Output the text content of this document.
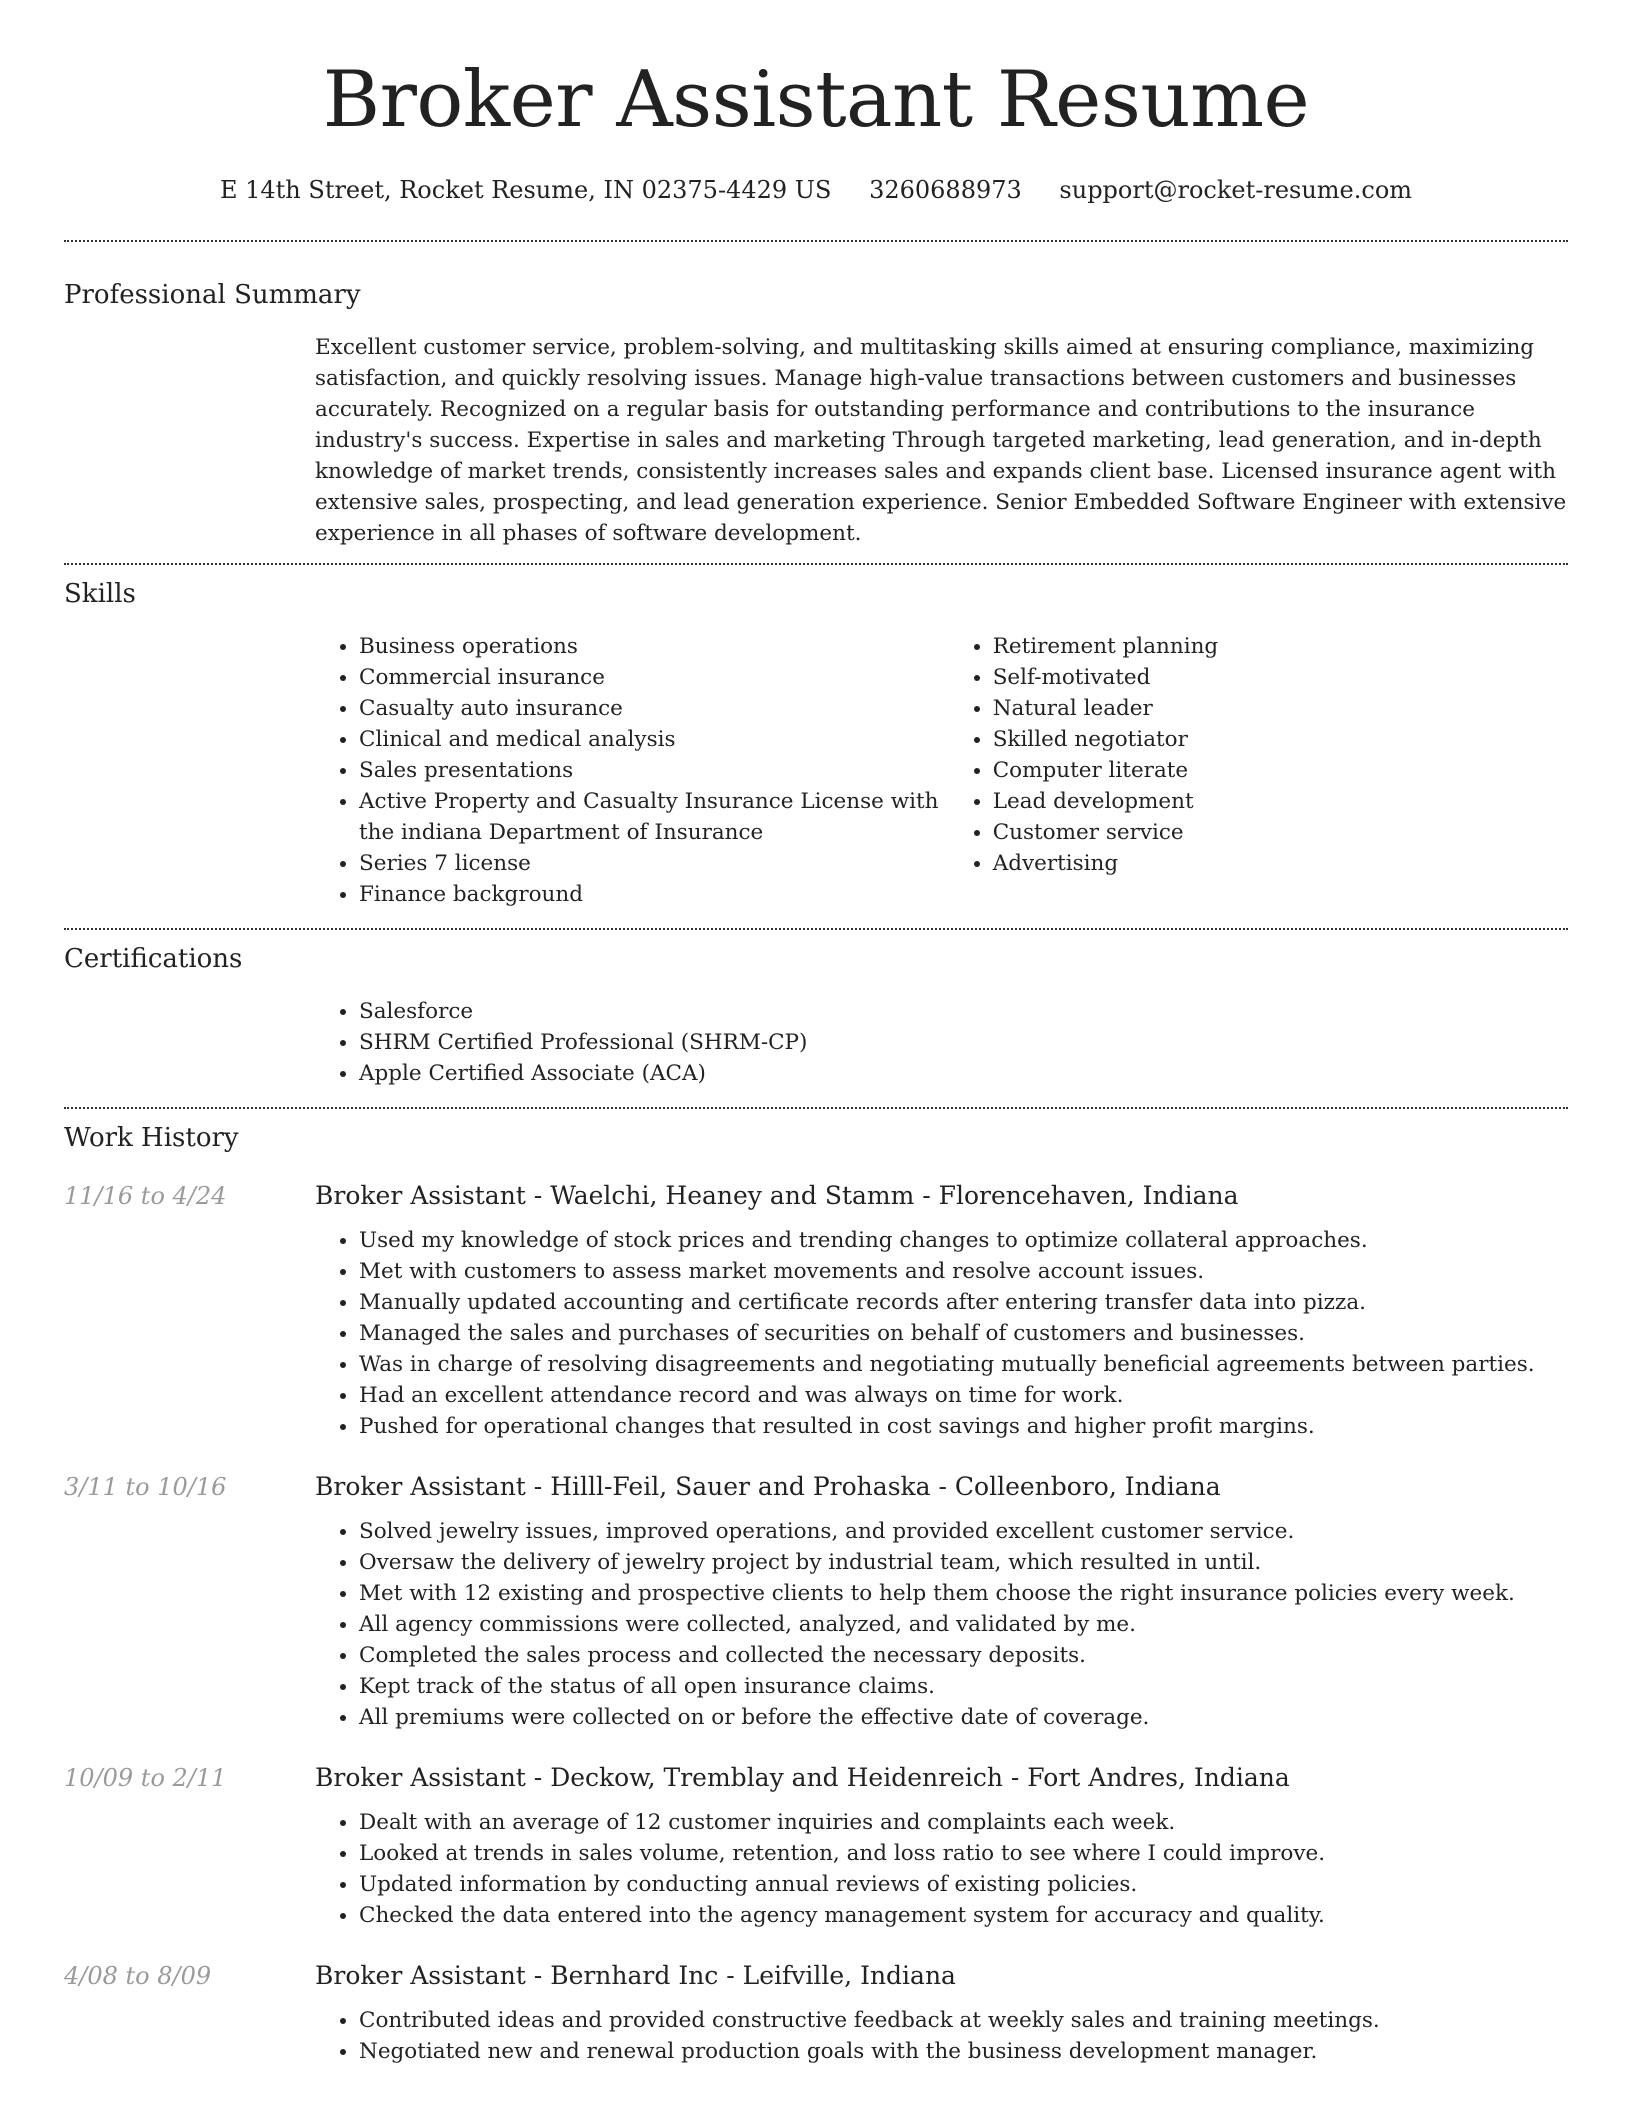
Broker Assistant Resume
E 14th Street, Rocket Resume, IN 02375-4429 US 3260688973 support@rocket-resume.com
Professional Summary

Excellent customer service, problem-solving, and multitasking skills aimed at ensuring compliance, maximizing satisfaction, and quickly resolving issues. Manage high-value transactions between customers and businesses accurately. Recognized on a regular basis for outstanding performance and contributions to the insurance industry's success. Expertise in sales and marketing Through targeted marketing, lead generation, and in-depth knowledge of market trends, consistently increases sales and expands client base. Licensed insurance agent with extensive sales, prospecting, and lead generation experience. Senior Embedded Software Engineer with extensive experience in all phases of software development.

Skills
• Business operations
• Commercial insurance
• Casualty auto insurance
• Clinical and medical analysis
• Sales presentations
• Active Property and Casualty Insurance License with the indiana Department of Insurance
• Series 7 license
• Finance background
• Retirement planning
• Self-motivated
• Natural leader
• Skilled negotiator
• Computer literate
• Lead development
• Customer service
• Advertising
Certifications
• Salesforce
• SHRM Certified Professional (SHRM-CP)
• Apple Certified Associate (ACA)
Work History
11/16 to 4/24	Broker Assistant - Waelchi, Heaney and Stamm - Florencehaven, Indiana
• Used my knowledge of stock prices and trending changes to optimize collateral approaches.
• Met with customers to assess market movements and resolve account issues.
• Manually updated accounting and certificate records after entering transfer data into pizza.
• Managed the sales and purchases of securities on behalf of customers and businesses.
• Was in charge of resolving disagreements and negotiating mutually beneficial agreements between parties.
• Had an excellent attendance record and was always on time for work.
• Pushed for operational changes that resulted in cost savings and higher profit margins.
3/11 to 10/16	Broker Assistant - Hilll-Feil, Sauer and Prohaska - Colleenboro, Indiana
• Solved jewelry issues, improved operations, and provided excellent customer service.
• Oversaw the delivery of jewelry project by industrial team, which resulted in until.
• Met with 12 existing and prospective clients to help them choose the right insurance policies every week.
• All agency commissions were collected, analyzed, and validated by me.
• Completed the sales process and collected the necessary deposits.
• Kept track of the status of all open insurance claims.
• All premiums were collected on or before the effective date of coverage.
10/09 to 2/11	Broker Assistant - Deckow, Tremblay and Heidenreich - Fort Andres, Indiana
• Dealt with an average of 12 customer inquiries and complaints each week.
• Looked at trends in sales volume, retention, and loss ratio to see where I could improve.
• Updated information by conducting annual reviews of existing policies.
• Checked the data entered into the agency management system for accuracy and quality.
4/08 to 8/09	Broker Assistant - Bernhard Inc - Leifville, Indiana
• Contributed ideas and provided constructive feedback at weekly sales and training meetings.
• Negotiated new and renewal production goals with the business development manager.
